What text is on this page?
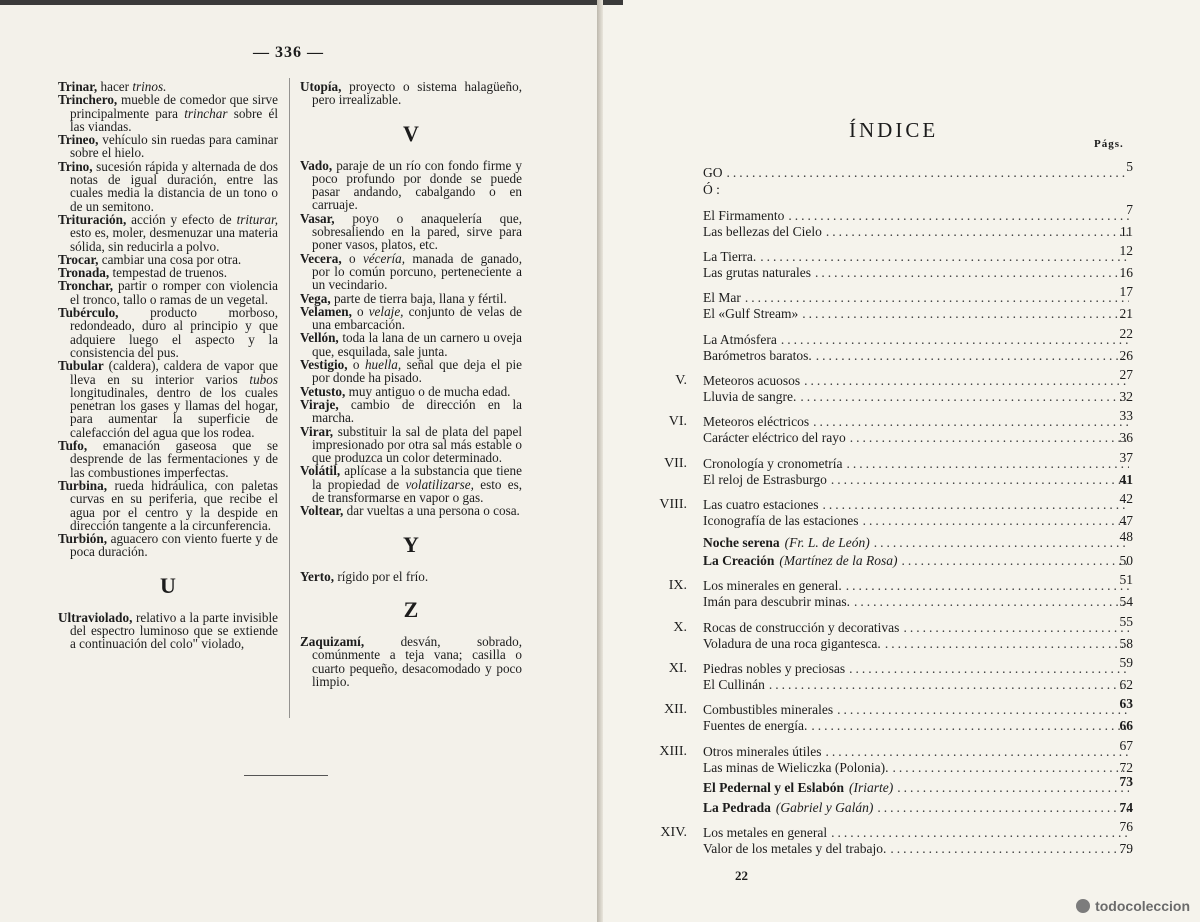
— 336 —

Trinar, hacer trinos.

Trinchero, mueble de comedor que sirve principalmente para trinchar sobre él las viandas.

Trineo, vehículo sin ruedas para caminar sobre el hielo.

Trino, sucesión rápida y alternada de dos notas de igual duración, entre las cuales media la distancia de un tono o de un semitono.

Trituración, acción y efecto de triturar, esto es, moler, desmenuzar una materia sólida, sin reducirla a polvo.

Trocar, cambiar una cosa por otra.

Tronada, tempestad de truenos.

Tronchar, partir o romper con violencia el tronco, tallo o ramas de un vegetal.

Tubérculo, producto morboso, redondeado, duro al principio y que adquiere luego el aspecto y la consistencia del pus.

Tubular (caldera), caldera de vapor que lleva en su interior varios tubos longitudinales, dentro de los cuales penetran los gases y llamas del hogar, para aumentar la superficie de calefacción del agua que los rodea.

Tufo, emanación gaseosa que se desprende de las fermentaciones y de las combustiones imperfectas.

Turbina, rueda hidráulica, con paletas curvas en su periferia, que recibe el agua por el centro y la despide en dirección tangente a la circunferencia.

Turbión, aguacero con viento fuerte y de poca duración.

U

Ultraviolado, relativo a la parte invisible del espectro luminoso que se extiende a continuación del colo" violado,

Utopía, proyecto o sistema halagüeño, pero irrealizable.

V

Vado, paraje de un río con fondo firme y poco profundo por donde se puede pasar andando, cabalgando o en carruaje.

Vasar, poyo o anaquelería que, sobresaliendo en la pared, sirve para poner vasos, platos, etc.

Vecera, o vécería, manada de ganado, por lo común porcuno, perteneciente a un vecindario.

Vega, parte de tierra baja, llana y fértil.

Velamen, o velaje, conjunto de velas de una embarcación.

Vellón, toda la lana de un carnero u oveja que, esquilada, sale junta.

Vestigio, o huella, señal que deja el pie por donde ha pisado.

Vetusto, muy antiguo o de mucha edad.

Viraje, cambio de dirección en la marcha.

Virar, substituir la sal de plata del papel impresionado por otra sal más estable o que produzca un color determinado.

Volátil, aplícase a la substancia que tiene la propiedad de volatilizarse, esto es, de transformarse en vapor o gas.

Voltear, dar vueltas a una persona o cosa.

Y

Yerto, rígido por el frío.

Z

Zaquizamí, desván, sobrado, comúnmente a teja vana; casilla o cuarto pequeño, desacomodado y poco limpio.

ÍNDICE
Págs.
GO .....	5
Ó :
El Firmamento .....	7
Las bellezas del Cielo .....	11
La Tierra. .....	12
Las grutas naturales .....	16
El Mar .....	17
El «Gulf Stream» .....	21
La Atmósfera .....	22
Barómetros baratos. .....	26
V. Meteoros acuosos .....	27
Lluvia de sangre. .....	32
VI. Meteoros eléctricos .....	33
Carácter eléctrico del rayo .....	36
VII. Cronología y cronometría .....	37
El reloj de Estrasburgo .....	41
VIII. Las cuatro estaciones .....	42
Iconografía de las estaciones .....	47
Noche serena (Fr. L. de León) .....	48
La Creación (Martínez de la Rosa) .....	50
IX. Los minerales en general. .....	51
Imán para descubrir minas. .....	54
X. Rocas de construcción y decorativas .....	55
Voladura de una roca gigantesca. .....	58
XI. Piedras nobles y preciosas .....	59
El Cullinán .....	62
XII. Combustibles minerales .....	63
Fuentes de energía. .....	66
XIII. Otros minerales útiles .....	67
Las minas de Wieliczka (Polonia). .....	72
El Pedernal y el Eslabón (Iriarte) .....	73
La Pedrada (Gabriel y Galán) .....	74
XIV. Los metales en general .....	76
Valor de los metales y del trabajo. .....	79
22
todocoleccion
